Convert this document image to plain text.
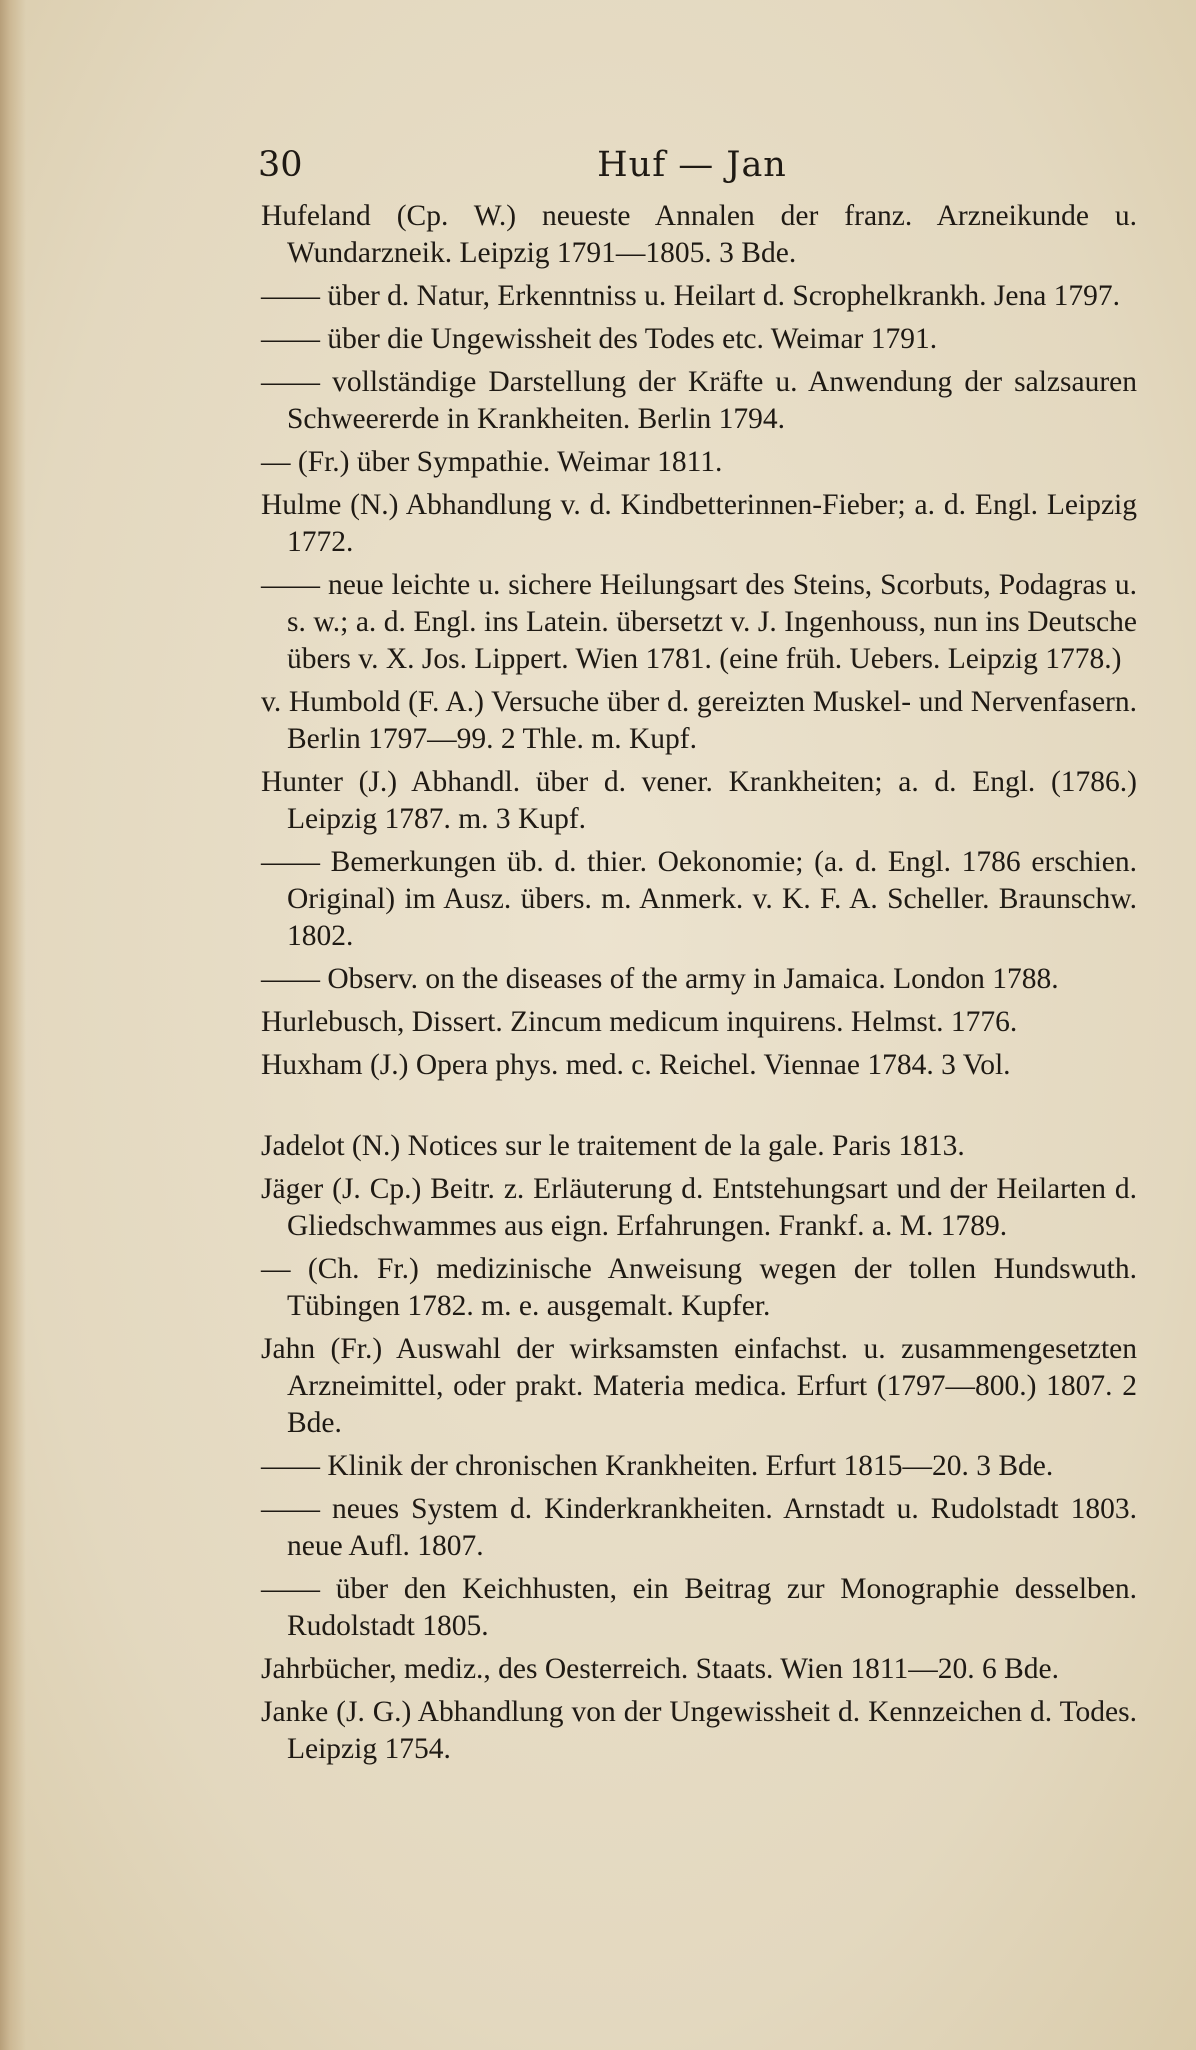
30	Huf — Jan
Hufeland (Cp. W.) neueste Annalen der franz. Arzneikunde u. Wundarzneik. Leipzig 1791—1805. 3 Bde.
—— über d. Natur, Erkenntniss u. Heilart d. Scrophelkrankh. Jena 1797.
—— über die Ungewissheit des Todes etc. Weimar 1791.
—— vollständige Darstellung der Kräfte u. Anwendung der salzsauren Schweererde in Krankheiten. Berlin 1794.
— (Fr.) über Sympathie. Weimar 1811.
Hulme (N.) Abhandlung v. d. Kindbetterinnen-Fieber; a. d. Engl. Leipzig 1772.
—— neue leichte u. sichere Heilungsart des Steins, Scorbuts, Podagras u. s. w.; a. d. Engl. ins Latein. übersetzt v. J. Ingenhouss, nun ins Deutsche übers v. X. Jos. Lippert. Wien 1781. (eine früh. Uebers. Leipzig 1778.)
v. Humbold (F. A.) Versuche über d. gereizten Muskel- und Nervenfasern. Berlin 1797—99. 2 Thle. m. Kupf.
Hunter (J.) Abhandl. über d. vener. Krankheiten; a. d. Engl. (1786.) Leipzig 1787. m. 3 Kupf.
—— Bemerkungen üb. d. thier. Oekonomie; (a. d. Engl. 1786 erschien. Original) im Ausz. übers. m. Anmerk. v. K. F. A. Scheller. Braunschw. 1802.
—— Observ. on the diseases of the army in Jamaica. London 1788.
Hurlebusch, Dissert. Zincum medicum inquirens. Helmst. 1776.
Huxham (J.) Opera phys. med. c. Reichel. Viennae 1784. 3 Vol.
Jadelot (N.) Notices sur le traitement de la gale. Paris 1813.
Jäger (J. Cp.) Beitr. z. Erläuterung d. Entstehungsart und der Heilarten d. Gliedschwammes aus eign. Erfahrungen. Frankf. a. M. 1789.
— (Ch. Fr.) medizinische Anweisung wegen der tollen Hundswuth. Tübingen 1782. m. e. ausgemalt. Kupfer.
Jahn (Fr.) Auswahl der wirksamsten einfachst. u. zusammengesetzten Arzneimittel, oder prakt. Materia medica. Erfurt (1797—800.) 1807. 2 Bde.
—— Klinik der chronischen Krankheiten. Erfurt 1815—20. 3 Bde.
—— neues System d. Kinderkrankheiten. Arnstadt u. Rudolstadt 1803. neue Aufl. 1807.
—— über den Keichhusten, ein Beitrag zur Monographie desselben. Rudolstadt 1805.
Jahrbücher, mediz., des Oesterreich. Staats. Wien 1811—20. 6 Bde.
Janke (J. G.) Abhandlung von der Ungewissheit d. Kennzeichen d. Todes. Leipzig 1754.
